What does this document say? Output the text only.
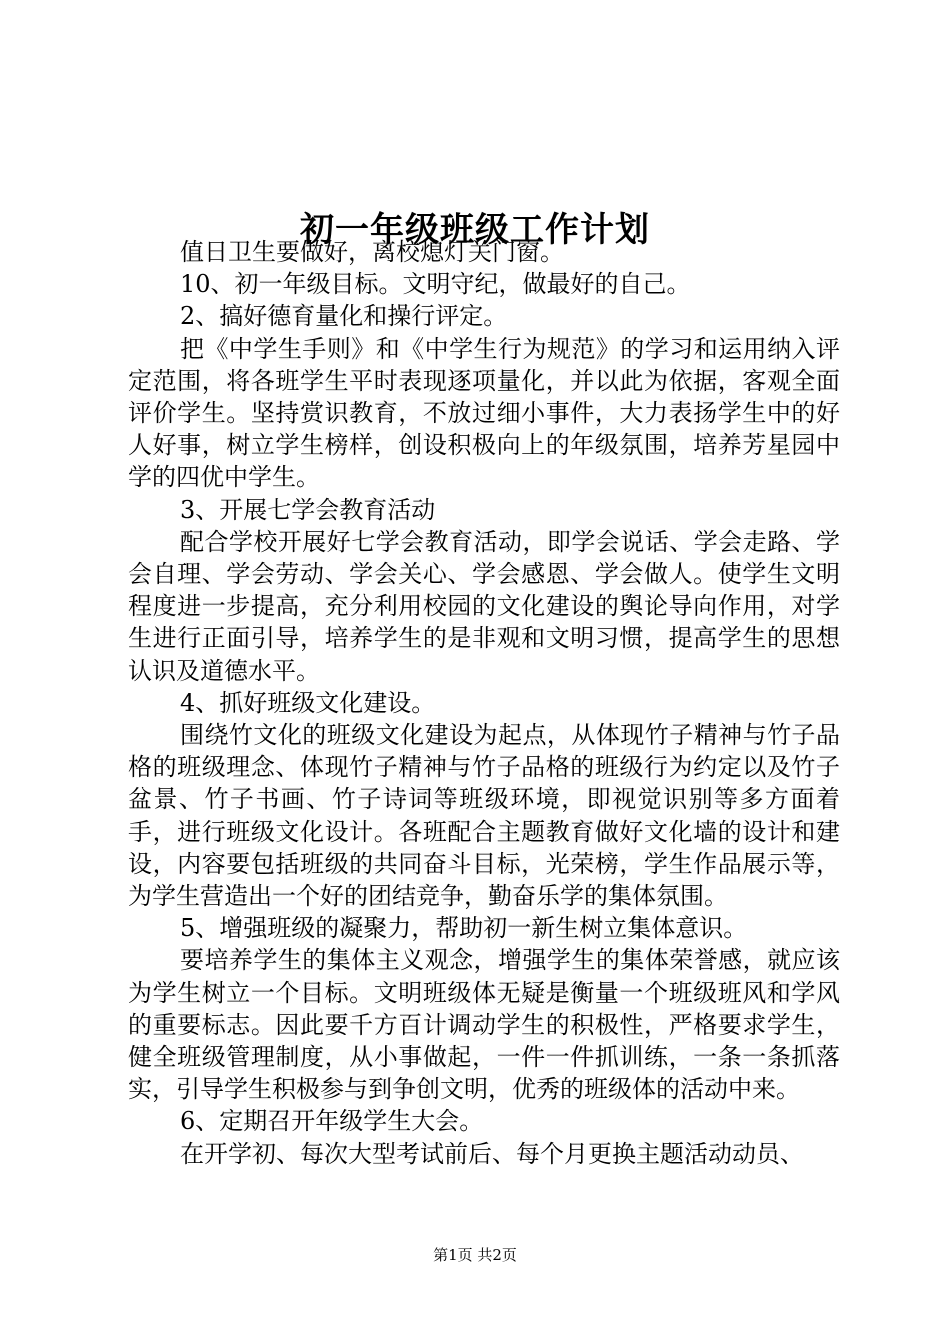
初一年级班级工作计划

值日卫生要做好，离校熄灯关门窗。

10、初一年级目标。文明守纪，做最好的自己。

2、搞好德育量化和操行评定。

把《中学生手则》和《中学生行为规范》的学习和运用纳入评定范围，将各班学生平时表现逐项量化，并以此为依据，客观全面评价学生。坚持赏识教育，不放过细小事件，大力表扬学生中的好人好事，树立学生榜样，创设积极向上的年级氛围，培养芳星园中学的四优中学生。

3、开展七学会教育活动

配合学校开展好七学会教育活动，即学会说话、学会走路、学会自理、学会劳动、学会关心、学会感恩、学会做人。使学生文明程度进一步提高，充分利用校园的文化建设的舆论导向作用，对学生进行正面引导，培养学生的是非观和文明习惯，提高学生的思想认识及道德水平。

4、抓好班级文化建设。

围绕竹文化的班级文化建设为起点，从体现竹子精神与竹子品格的班级理念、体现竹子精神与竹子品格的班级行为约定以及竹子盆景、竹子书画、竹子诗词等班级环境，即视觉识别等多方面着手，进行班级文化设计。各班配合主题教育做好文化墙的设计和建设，内容要包括班级的共同奋斗目标，光荣榜，学生作品展示等，为学生营造出一个好的团结竞争，勤奋乐学的集体氛围。

5、增强班级的凝聚力，帮助初一新生树立集体意识。

要培养学生的集体主义观念，增强学生的集体荣誉感，就应该为学生树立一个目标。文明班级体无疑是衡量一个班级班风和学风的重要标志。因此要千方百计调动学生的积极性，严格要求学生，健全班级管理制度，从小事做起，一件一件抓训练，一条一条抓落实，引导学生积极参与到争创文明，优秀的班级体的活动中来。

6、定期召开年级学生大会。

在开学初、每次大型考试前后、每个月更换主题活动动员、

第1页 共2页
